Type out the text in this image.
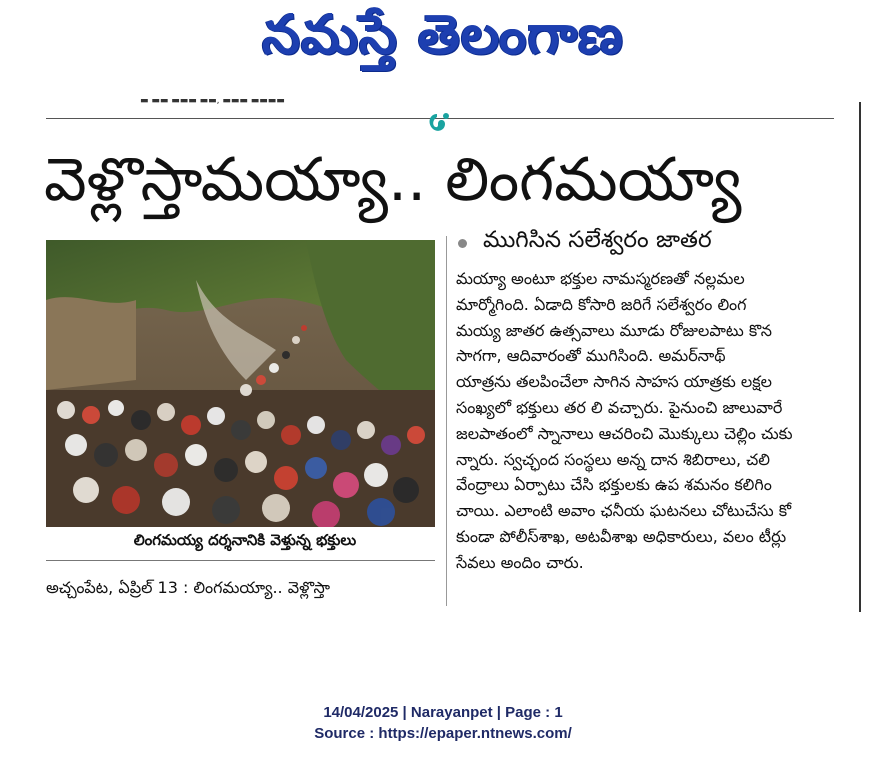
నమస్తే తెలంగాణ
▬ ▬▬ ▬▬▬ ▬▬, ▬▬▬ ▬▬▬▬
వెళ్లొస్తామయ్యా.. లింగమయ్యా
ముగిసిన సలేశ్వరం జాతర
లింగమయ్య దర్శనానికి వెళ్తున్న భక్తులు
అచ్చంపేట, ఏప్రిల్ 13 : లింగమయ్యా.. వెళ్లొస్తా

మయ్యా అంటూ భక్తుల నామస్మరణతో నల్లమల

మార్మోగింది. ఏడాది కోసారి జరిగే సలేశ్వరం లింగ

మయ్య జాతర ఉత్సవాలు మూడు రోజులపాటు కొన

సాగగా, ఆదివారంతో ముగిసింది. అమర్‌నాథ్

యాత్రను తలపించేలా సాగిన సాహస యాత్రకు లక్షల

సంఖ్యలో భక్తులు తర లి వచ్చారు. పైనుంచి జాలువారే

జలపాతంలో స్నానాలు ఆచరించి మొక్కులు చెల్లిం చుకు

న్నారు. స్వచ్ఛంద సంస్థలు అన్న దాన శిబిరాలు, చలి

వేంద్రాలు ఏర్పాటు చేసి భక్తులకు ఉప శమనం కలిగిం

చాయి. ఎలాంటి అవాం ఛనీయ ఘటనలు చోటుచేసు కో

కుండా పోలీస్‌శాఖ, అటవీశాఖ అధికారులు, వలం టీర్లు

సేవలు అందిం చారు.

14/04/2025 | Narayanpet | Page : 1
Source : https://epaper.ntnews.com/
